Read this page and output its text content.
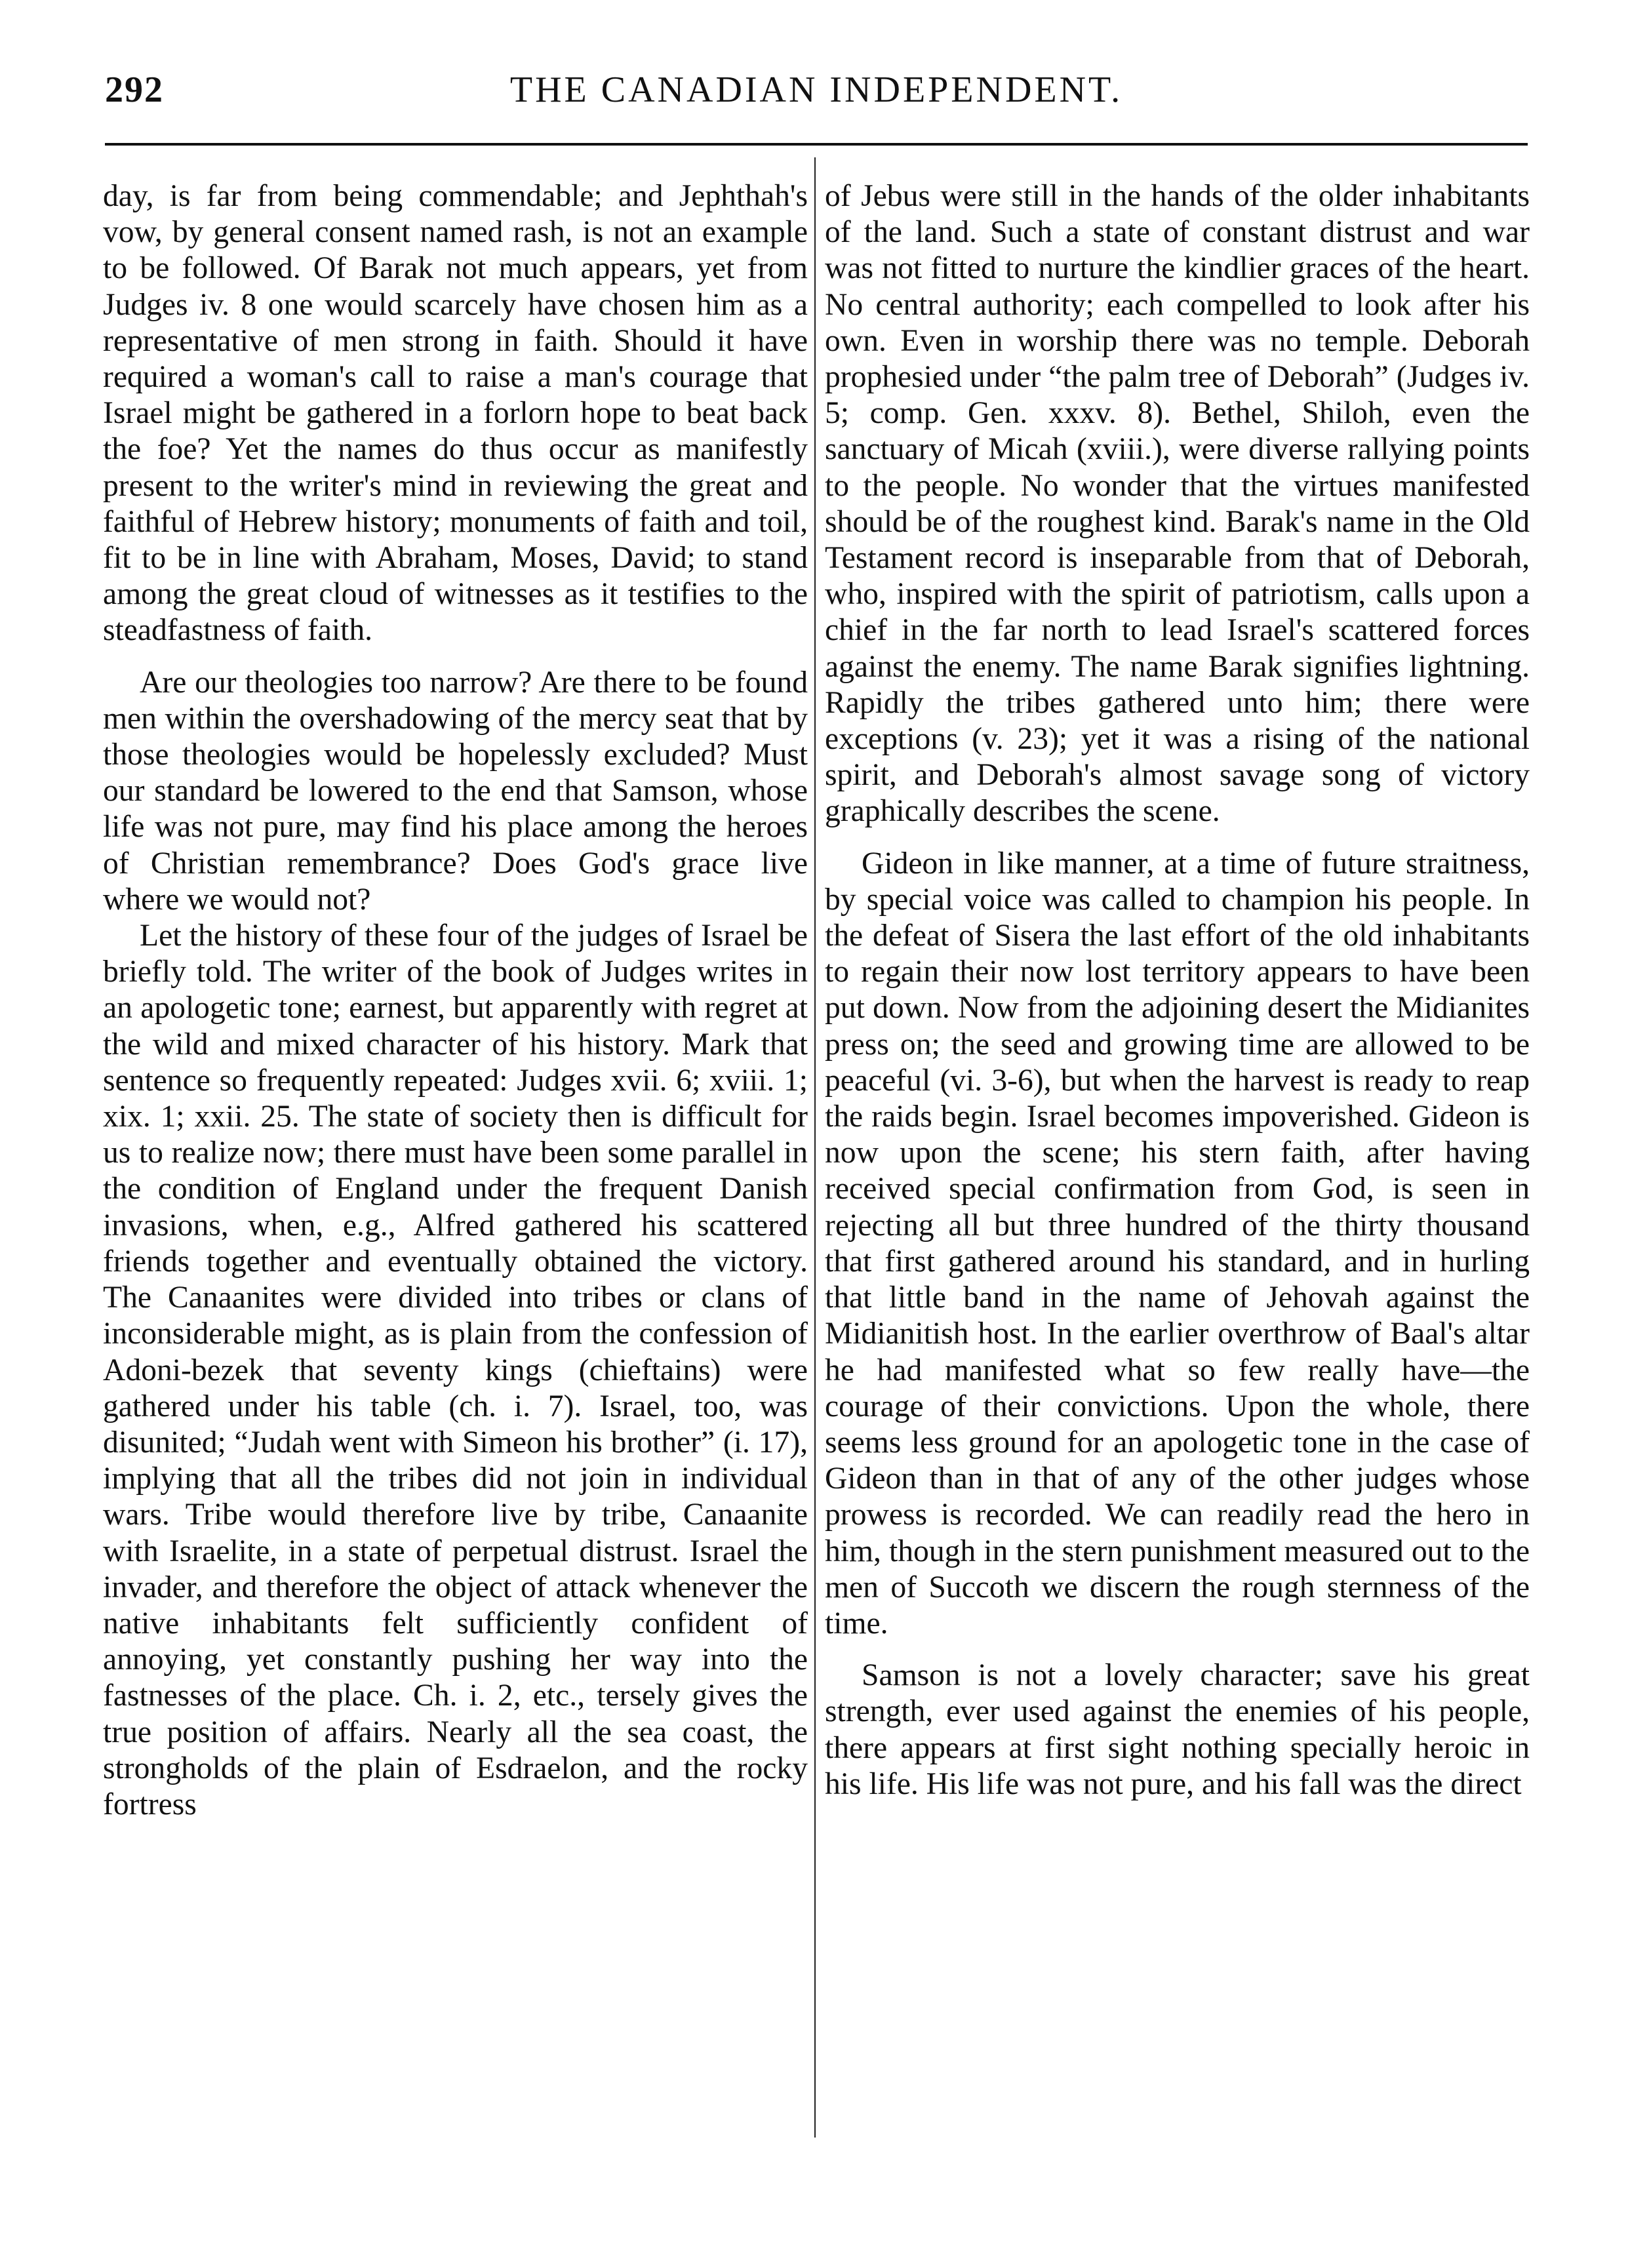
292	THE CANADIAN INDEPENDENT.

day, is far from being commendable; and Jephthah's vow, by general consent named rash, is not an example to be followed. Of Barak not much appears, yet from Judges iv. 8 one would scarcely have chosen him as a representative of men strong in faith. Should it have required a woman's call to raise a man's courage that Israel might be gathered in a forlorn hope to beat back the foe? Yet the names do thus occur as manifestly present to the writer's mind in reviewing the great and faithful of Hebrew history; monuments of faith and toil, fit to be in line with Abraham, Moses, David; to stand among the great cloud of witnesses as it testifies to the steadfastness of faith.

Are our theologies too narrow? Are there to be found men within the overshadowing of the mercy seat that by those theologies would be hopelessly excluded? Must our standard be lowered to the end that Samson, whose life was not pure, may find his place among the heroes of Christian remembrance? Does God's grace live where we would not?

Let the history of these four of the judges of Israel be briefly told. The writer of the book of Judges writes in an apologetic tone; earnest, but apparently with regret at the wild and mixed character of his history. Mark that sentence so frequently repeated: Judges xvii. 6; xviii. 1; xix. 1; xxii. 25. The state of society then is difficult for us to realize now; there must have been some parallel in the condition of England under the frequent Danish invasions, when, e.g., Alfred gathered his scattered friends together and eventually obtained the victory. The Canaanites were divided into tribes or clans of inconsiderable might, as is plain from the confession of Adoni-bezek that seventy kings (chieftains) were gathered under his table (ch. i. 7). Israel, too, was disunited; “Judah went with Simeon his brother” (i. 17), implying that all the tribes did not join in individual wars. Tribe would therefore live by tribe, Canaanite with Israelite, in a state of perpetual distrust. Israel the invader, and therefore the object of attack whenever the native inhabitants felt sufficiently confident of annoying, yet constantly pushing her way into the fastnesses of the place. Ch. i. 2, etc., tersely gives the true position of affairs. Nearly all the sea coast, the strongholds of the plain of Esdraelon, and the rocky fortress

of Jebus were still in the hands of the older inhabitants of the land. Such a state of constant distrust and war was not fitted to nurture the kindlier graces of the heart. No central authority; each compelled to look after his own. Even in worship there was no temple. Deborah prophesied under “the palm tree of Deborah” (Judges iv. 5; comp. Gen. xxxv. 8). Bethel, Shiloh, even the sanctuary of Micah (xviii.), were diverse rallying points to the people. No wonder that the virtues manifested should be of the roughest kind. Barak's name in the Old Testament record is inseparable from that of Deborah, who, inspired with the spirit of patriotism, calls upon a chief in the far north to lead Israel's scattered forces against the enemy. The name Barak signifies lightning. Rapidly the tribes gathered unto him; there were exceptions (v. 23); yet it was a rising of the national spirit, and Deborah's almost savage song of victory graphically describes the scene.

Gideon in like manner, at a time of future straitness, by special voice was called to champion his people. In the defeat of Sisera the last effort of the old inhabitants to regain their now lost territory appears to have been put down. Now from the adjoining desert the Midianites press on; the seed and growing time are allowed to be peaceful (vi. 3-6), but when the harvest is ready to reap the raids begin. Israel becomes impoverished. Gideon is now upon the scene; his stern faith, after having received special confirmation from God, is seen in rejecting all but three hundred of the thirty thousand that first gathered around his standard, and in hurling that little band in the name of Jehovah against the Midianitish host. In the earlier overthrow of Baal's altar he had manifested what so few really have—the courage of their convictions. Upon the whole, there seems less ground for an apologetic tone in the case of Gideon than in that of any of the other judges whose prowess is recorded. We can readily read the hero in him, though in the stern punishment measured out to the men of Succoth we discern the rough sternness of the time.

Samson is not a lovely character; save his great strength, ever used against the enemies of his people, there appears at first sight nothing specially heroic in his life. His life was not pure, and his fall was the direct
